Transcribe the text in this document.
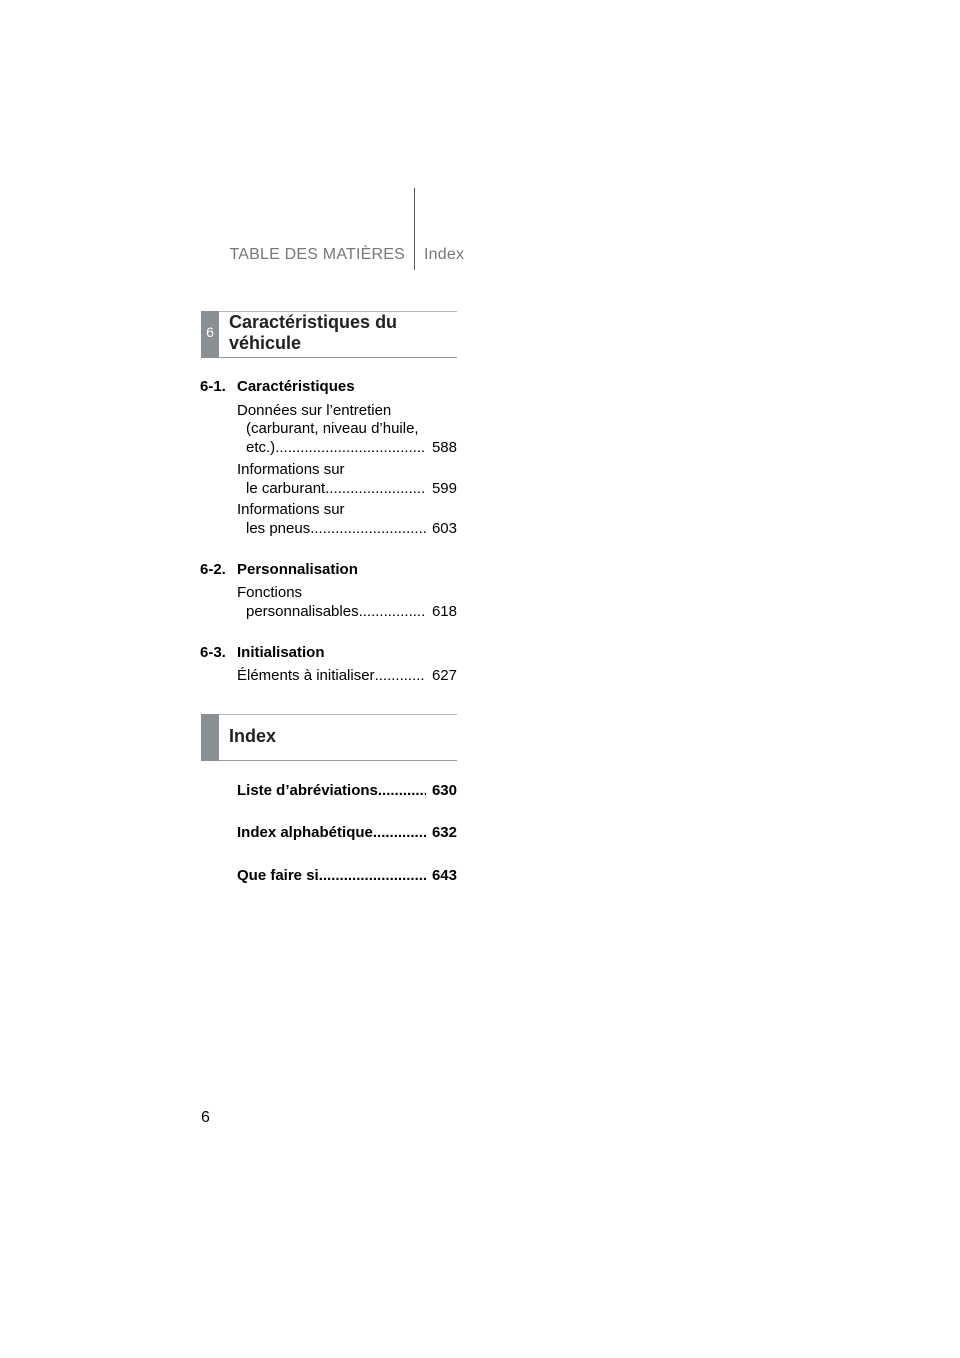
TABLE DES MATIÈRES Index
6 Caractéristiques du
véhicule
6-1. Caractéristiques
Données sur l’entretien
(carburant, niveau d’huile,
etc.) .....	588
Informations sur
le carburant .....	599
Informations sur
les pneus .....	603
6-2. Personnalisation
Fonctions
personnalisables .....	618
6-3. Initialisation
Éléments à initialiser .....	627
Index
Liste d’abréviations .....	630
Index alphabétique .....	632
Que faire si... .....	643
6
